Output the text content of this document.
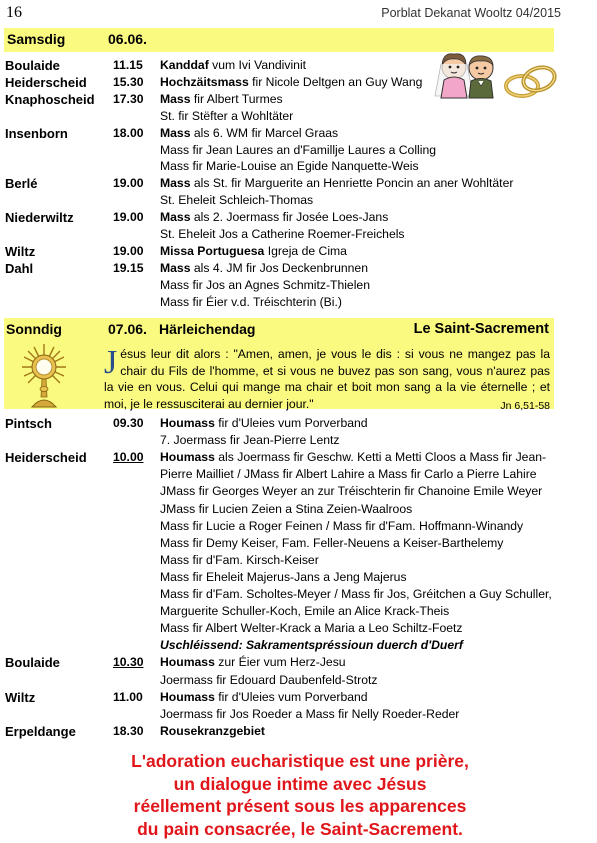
16	Porblat Dekanat Wooltz 04/2015
Samsdig	06.06.
Boulaide	11.15 Kanddaf vum Ivi Vandivinit
Heiderscheid 15.30 Hochzäitsmass fir Nicole Deltgen an Guy Wang
Knaphoscheid 17.30 Mass fir Albert Turmes
St. fir Stëfter a Wohltäter
Insenborn	18.00 Mass als 6. WM fir Marcel Graas
Mass fir Jean Laures an d'Famillje Laures a Colling
Mass fir Marie-Louise an Egide Nanquette-Weis
Berlé	19.00 Mass als St. fir Marguerite an Henriette Poncin an aner Wohltäter
St. Eheleit Schleich-Thomas
Niederwiltz	19.00 Mass als 2. Joermass fir Josée Loes-Jans
St. Eheleit Jos a Catherine Roemer-Freichels
Wiltz	19.00 Missa Portuguesa Igreja de Cima
Dahl	19.15 Mass als 4. JM fir Jos Deckenbrunnen
Mass fir Jos an Agnes Schmitz-Thielen
Mass fir Éier v.d. Tréischterin (Bi.)
Sonndig	07.06. Härleichendag	Le Saint-Sacrement
Jésus leur dit alors : "Amen, amen, je vous le dis : si vous ne mangez pas la chair du Fils de l'homme, et si vous ne buvez pas son sang, vous n'aurez pas la vie en vous. Celui qui mange ma chair et boit mon sang a la vie éternelle ; et moi, je le ressusciterai au dernier jour."	Jn 6,51-58
Pintsch	09.30 Houmass fir d'Uleies vum Porverband
7. Joermass fir Jean-Pierre Lentz
Heiderscheid 10.00 Houmass als Joermass fir Geschw. Ketti a Metti Cloos a Mass fir Jean-
Pierre Mailliet / JMass fir Albert Lahire a Mass fir Carlo a Pierre Lahire
JMass fir Georges Weyer an zur Tréischterin fir Chanoine Emile Weyer
JMass fir Lucien Zeien a Stina Zeien-Waalroos
Mass fir Lucie a Roger Feinen / Mass fir d'Fam. Hoffmann-Winandy
Mass fir Demy Keiser, Fam. Feller-Neuens a Keiser-Barthelemy
Mass fir d'Fam. Kirsch-Keiser
Mass fir Eheleit Majerus-Jans a Jeng Majerus
Mass fir d'Fam. Scholtes-Meyer / Mass fir Jos, Gréitchen a Guy Schuller,
Marguerite Schuller-Koch, Emile an Alice Krack-Theis
Mass fir Albert Welter-Krack a Maria a Leo Schiltz-Foetz
Uschléissend: Sakramentspréssioun duerch d'Duerf
Boulaide	10.30 Houmass zur Éier vum Herz-Jesu
Joermass fir Edouard Daubenfeld-Strotz
Wiltz	11.00 Houmass fir d'Uleies vum Porverband
Joermass fir Jos Roeder a Mass fir Nelly Roeder-Reder
Erpeldange	18.30 Rousekranzgebiet
L'adoration eucharistique est une prière,
un dialogue intime avec Jésus
réellement présent sous les apparences
du pain consacrée, le Saint-Sacrement.
